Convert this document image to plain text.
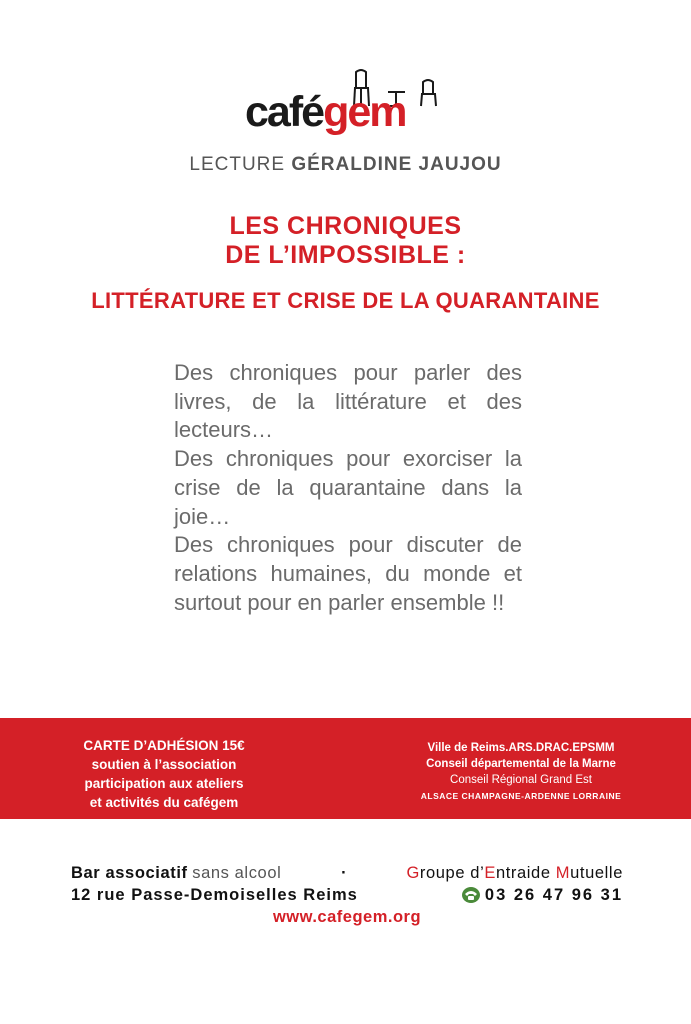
cafégem
LECTURE GÉRALDINE JAUJOU
LES CHRONIQUES
DE L’IMPOSSIBLE :
LITTÉRATURE ET CRISE DE LA QUARANTAINE

Des chroniques pour parler des livres, de la littérature et des lecteurs…

Des chroniques pour exorciser la crise de la quarantaine dans la joie…

Des chroniques pour discuter de relations humaines, du monde et surtout pour en parler ensemble !!

CARTE D’ADHÉSION 15€
soutien à l’association
participation aux ateliers
et activités du cafégem
Ville de Reims.ARS.DRAC.EPSMM
Conseil départemental de la Marne
Conseil Régional Grand Est
ALSACE CHAMPAGNE-ARDENNE LORRAINE
Bar associatif sans alcool	·	Groupe d’Entraide Mutuelle
12 rue Passe-Demoiselles Reims	03 26 47 96 31
www.cafegem.org
